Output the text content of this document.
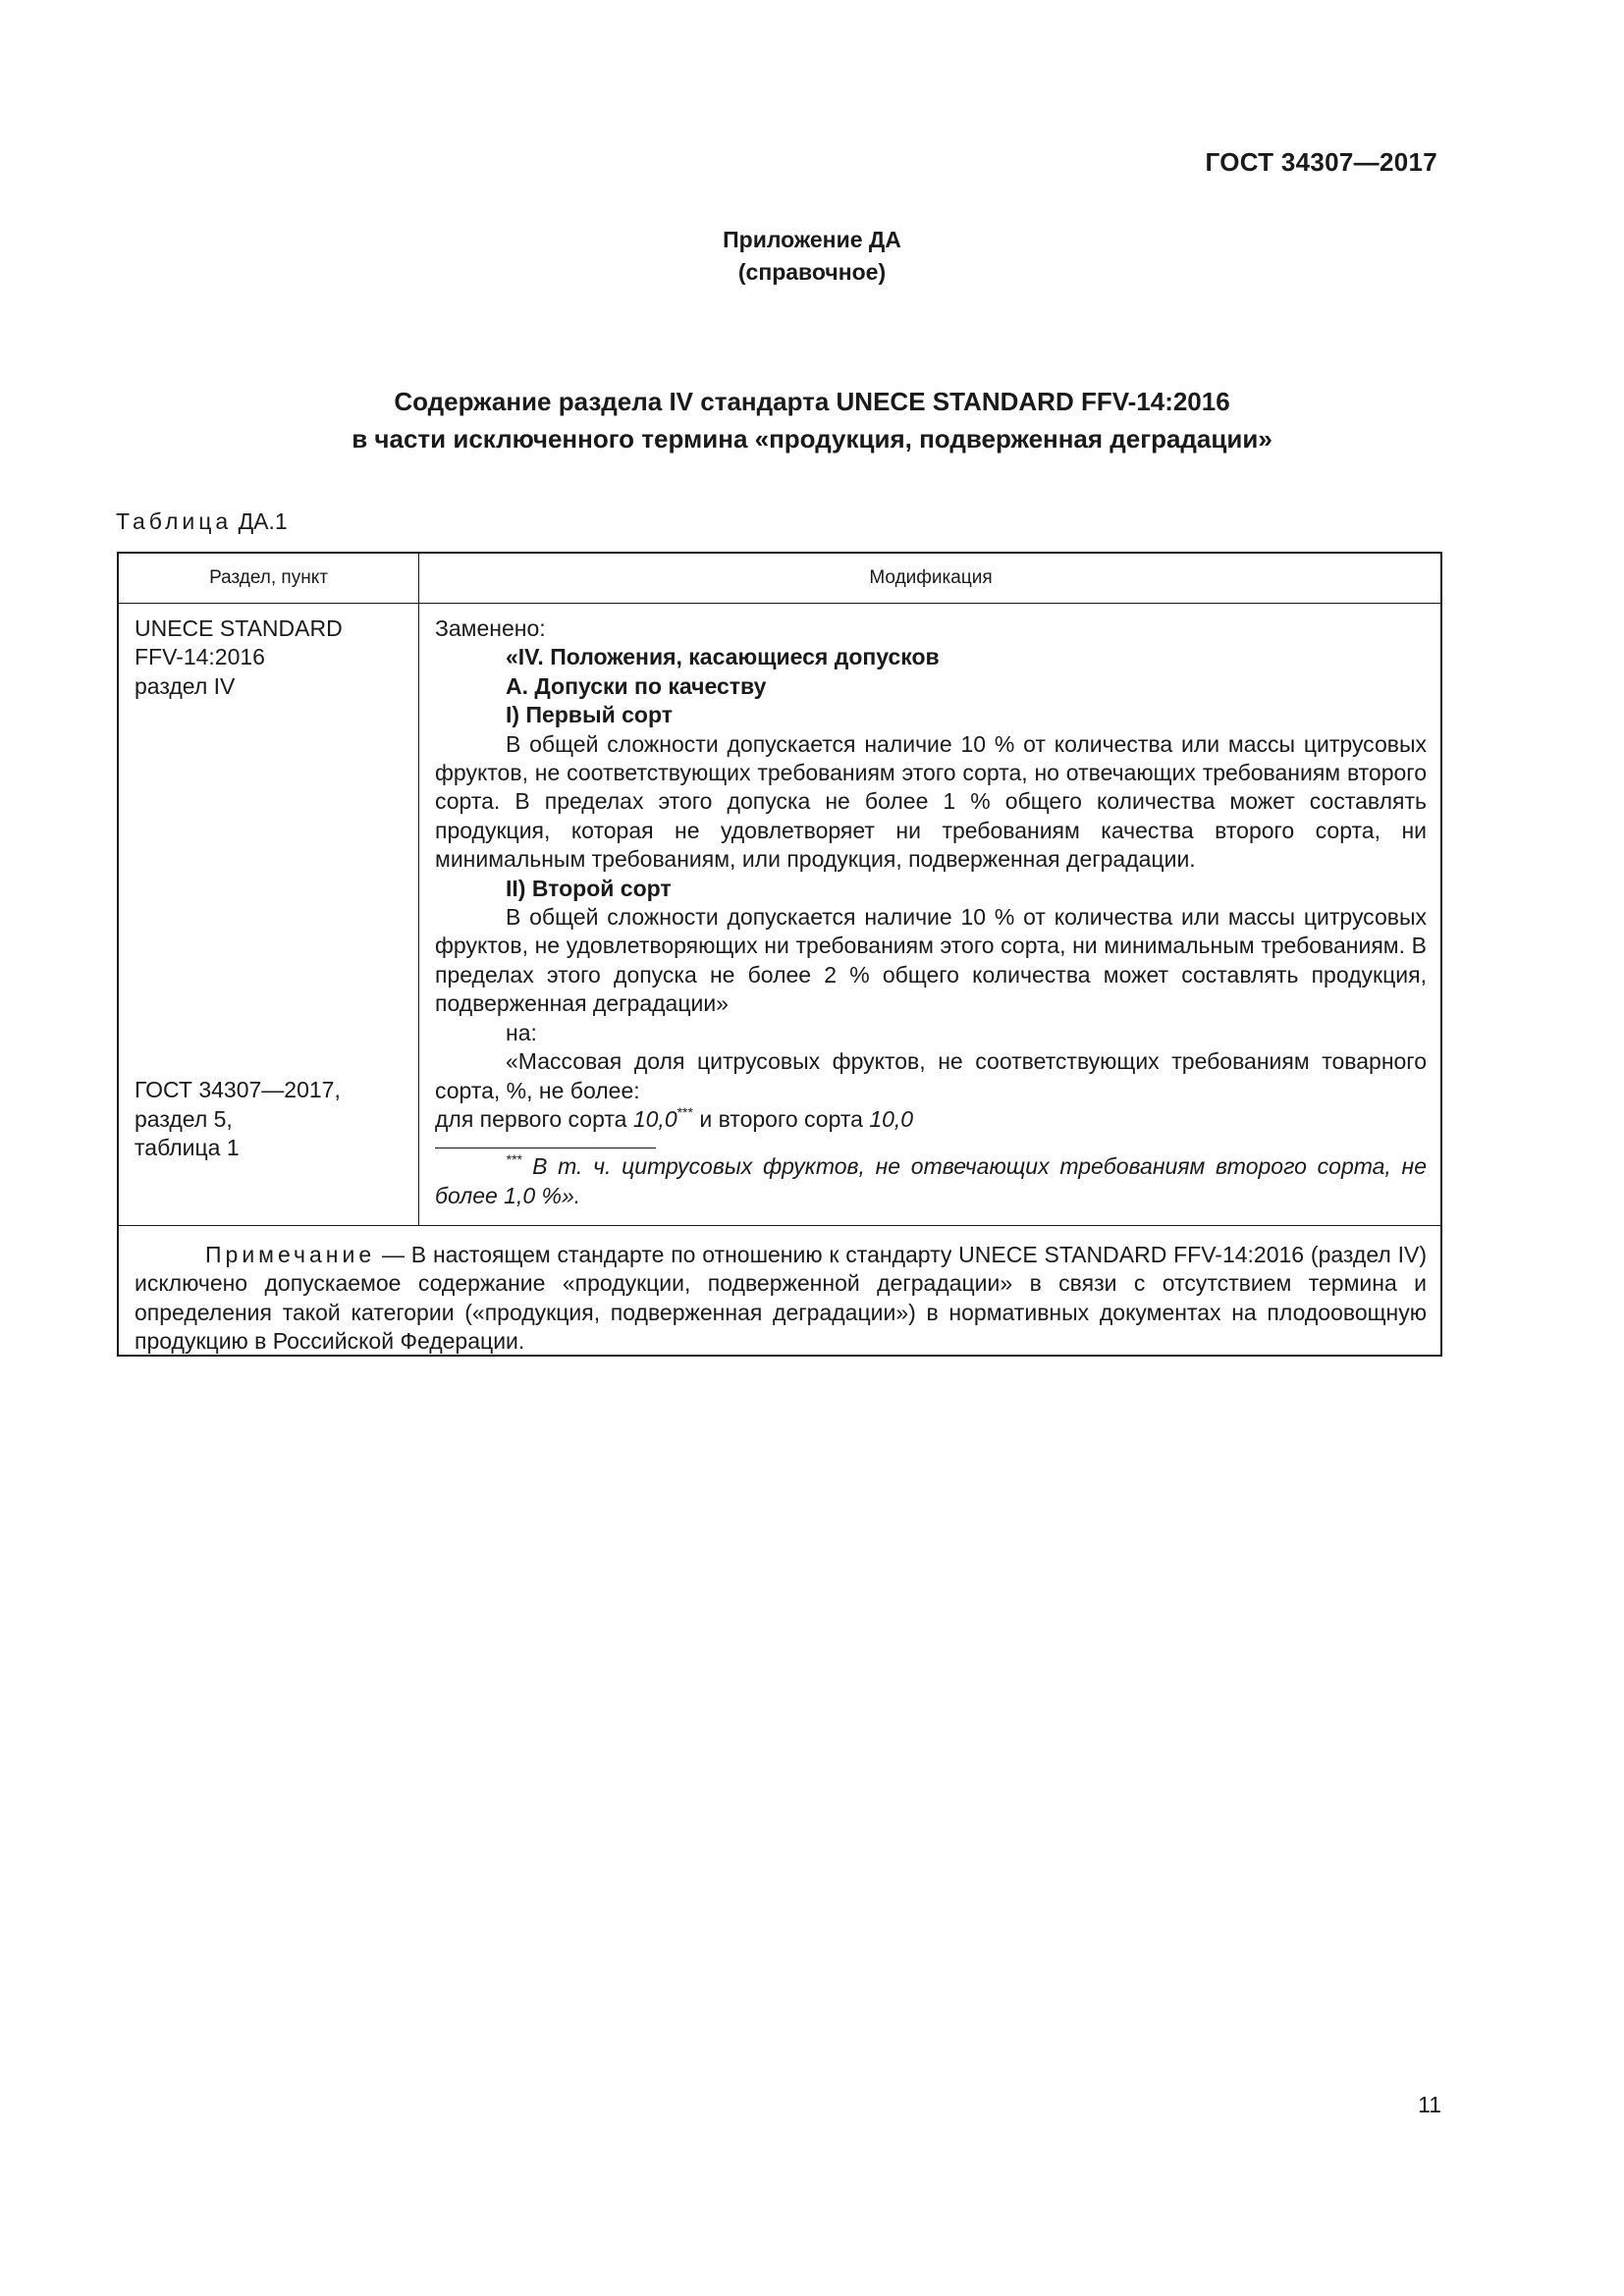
ГОСТ 34307—2017
Приложение ДА
(справочное)
Содержание раздела IV стандарта UNECE STANDARD FFV-14:2016
в части исключенного термина «продукция, подверженная деградации»
Таблица ДА.1
Раздел, пункт	Модификация
UNECE STANDARD
FFV-14:2016
раздел IV
ГОСТ 34307—2017,
раздел 5,
таблица 1

Заменено:

«IV. Положения, касающиеся допусков

А. Допуски по качеству

I) Первый сорт

В общей сложности допускается наличие 10 % от количества или массы цитрусовых фруктов, не соответствующих требованиям этого сорта, но отвечающих требованиям второго сорта. В пределах этого допуска не более 1 % общего количества может составлять продукция, которая не удовлетворяет ни требованиям качества второго сорта, ни минимальным требованиям, или продукция, подверженная деградации.

II) Второй сорт

В общей сложности допускается наличие 10 % от количества или массы цитрусовых фруктов, не удовлетворяющих ни требованиям этого сорта, ни минимальным требованиям. В пределах этого допуска не более 2 % общего количества может составлять продукция, подверженная деградации»

на:

«Массовая доля цитрусовых фруктов, не соответствующих требованиям товарного сорта, %, не более:

для первого сорта 10,0*** и второго сорта 10,0

*** В т. ч. цитрусовых фруктов, не отвечающих требованиям второго сорта, не более 1,0 %».

Примечание — В настоящем стандарте по отношению к стандарту UNECE STANDARD FFV-14:2016 (раздел IV) исключено допускаемое содержание «продукции, подверженной деградации» в связи с отсутствием термина и определения такой категории («продукция, подверженная деградации») в нормативных документах на плодоовощную продукцию в Российской Федерации.
11
